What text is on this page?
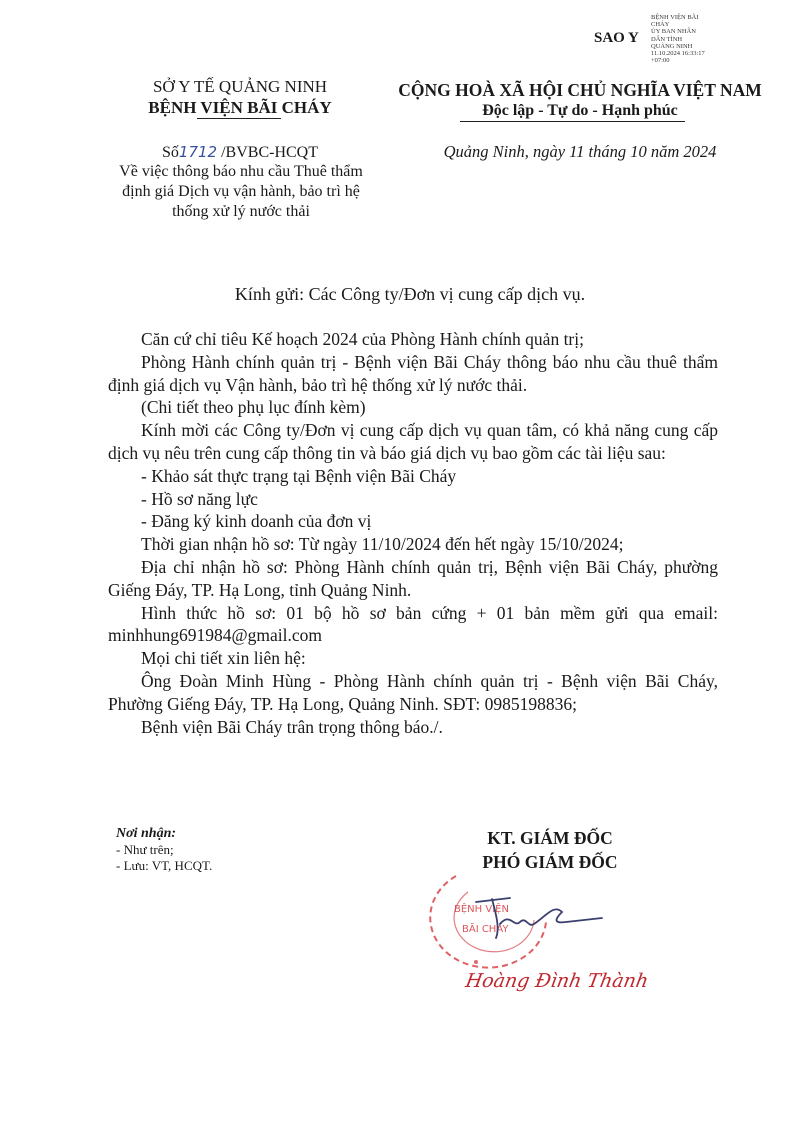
SAO Y
BỆNH VIỆN BÃI
CHÁY
ỦY BAN NHÂN
DÂN TỈNH
QUẢNG NINH
11.10.2024 16:33:17
+07:00
SỞ Y TẾ QUẢNG NINH
BỆNH VIỆN BÃI CHÁY
Số1712 /BVBC-HCQT
Về việc thông báo nhu cầu Thuê thẩm định giá Dịch vụ vận hành, bảo trì hệ thống xử lý nước thải
CỘNG HOÀ XÃ HỘI CHỦ NGHĨA VIỆT NAM
Độc lập - Tự do - Hạnh phúc
Quảng Ninh, ngày 11 tháng 10 năm 2024
Kính gửi: Các Công ty/Đơn vị cung cấp dịch vụ.

Căn cứ chỉ tiêu Kế hoạch 2024 của Phòng Hành chính quản trị;

Phòng Hành chính quản trị - Bệnh viện Bãi Cháy thông báo nhu cầu thuê thẩm định giá dịch vụ Vận hành, bảo trì hệ thống xử lý nước thải.

(Chi tiết theo phụ lục đính kèm)

Kính mời các Công ty/Đơn vị cung cấp dịch vụ quan tâm, có khả năng cung cấp dịch vụ nêu trên cung cấp thông tin và báo giá dịch vụ bao gồm các tài liệu sau:

- Khảo sát thực trạng tại Bệnh viện Bãi Cháy

- Hồ sơ năng lực

- Đăng ký kinh doanh của đơn vị

Thời gian nhận hồ sơ: Từ ngày 11/10/2024 đến hết ngày 15/10/2024;

Địa chỉ nhận hồ sơ: Phòng Hành chính quản trị, Bệnh viện Bãi Cháy, phường Giếng Đáy, TP. Hạ Long, tỉnh Quảng Ninh.

Hình thức hồ sơ: 01 bộ hồ sơ bản cứng + 01 bản mềm gửi qua email: minhhung691984@gmail.com

Mọi chi tiết xin liên hệ:

Ông Đoàn Minh Hùng - Phòng Hành chính quản trị - Bệnh viện Bãi Cháy, Phường Giếng Đáy, TP. Hạ Long, Quảng Ninh. SĐT: 0985198836;

Bệnh viện Bãi Cháy trân trọng thông báo./.

Nơi nhận:
- Như trên;
- Lưu: VT, HCQT.
KT. GIÁM ĐỐC
PHÓ GIÁM ĐỐC
BỆNH VIỆN
BÃI CHÁY
Hoàng Đình Thành
